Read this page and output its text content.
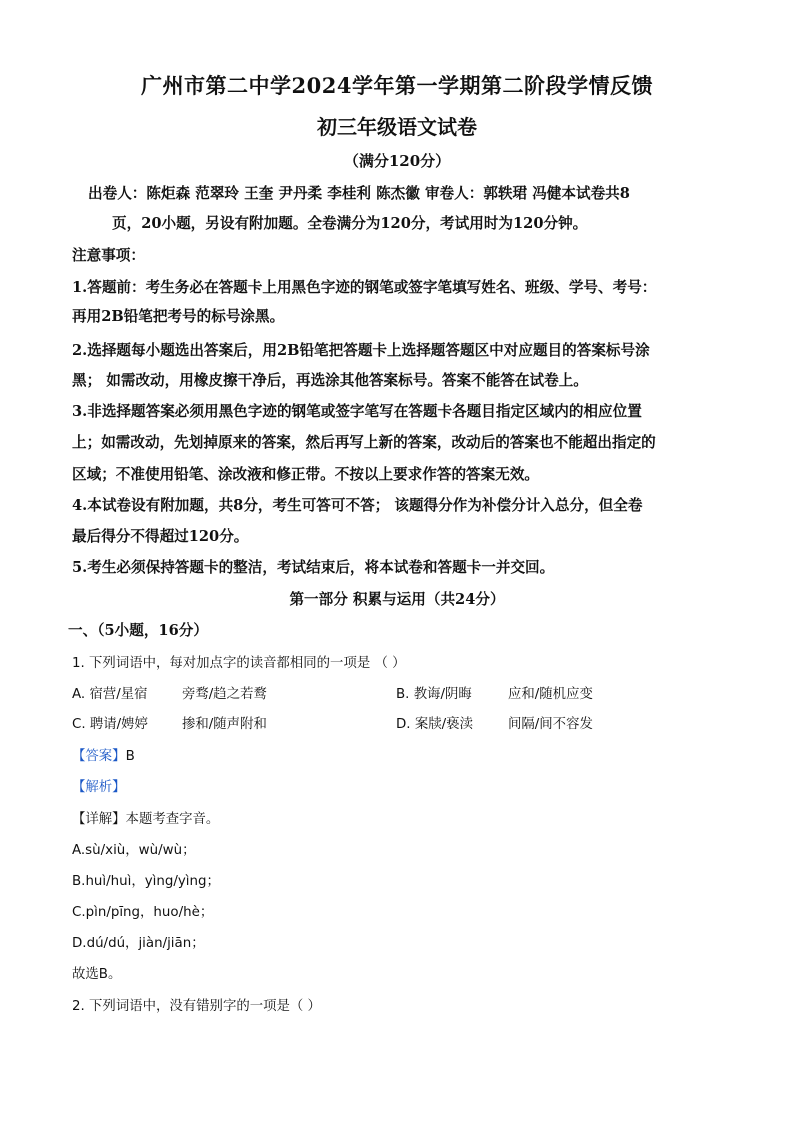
广州市第二中学2024学年第一学期第二阶段学情反馈
初三年级语文试卷
（满分120分）
出卷人：陈炬森 范翠玲 王奎 尹丹柔 李桂利 陈杰徽 审卷人：郭轶珺 冯健本试卷共8
页，20小题，另设有附加题。全卷满分为120分，考试用时为120分钟。
注意事项：
1.答题前：考生务必在答题卡上用黑色字迹的钢笔或签字笔填写姓名、班级、学号、考号：
再用2B铅笔把考号的标号涂黑。
2.选择题每小题选出答案后，用2B铅笔把答题卡上选择题答题区中对应题目的答案标号涂
黑； 如需改动，用橡皮擦干净后，再选涂其他答案标号。答案不能答在试卷上。
3.非选择题答案必须用黑色字迹的钢笔或签字笔写在答题卡各题目指定区域内的相应位置
上；如需改动，先划掉原来的答案，然后再写上新的答案，改动后的答案也不能超出指定的
区域；不准使用铅笔、涂改液和修正带。不按以上要求作答的答案无效。
4.本试卷设有附加题，共8分，考生可答可不答； 该题得分作为补偿分计入总分，但全卷
最后得分不得超过120分。
5.考生必须保持答题卡的整洁，考试结束后，将本试卷和答题卡一并交回。
第一部分 积累与运用（共24分）
一、（5小题，16分）
1. 下列词语中，每对加点字的读音都相同的一项是 （ ）
A. 宿营/星宿	旁骛/趋之若鹜	B. 教诲/阴晦	应和/随机应变
C. 聘请/娉婷	掺和/随声附和	D. 案牍/亵渎	间隔/间不容发
【答案】B
【解析】
【详解】本题考查字音。
A.sù/xiù，wù/wù；
B.huì/huì，yìng/yìng；
C.pìn/pīng，huo/hè；
D.dú/dú，jiàn/jiān；
故选B。
2. 下列词语中，没有错别字的一项是（ ）
